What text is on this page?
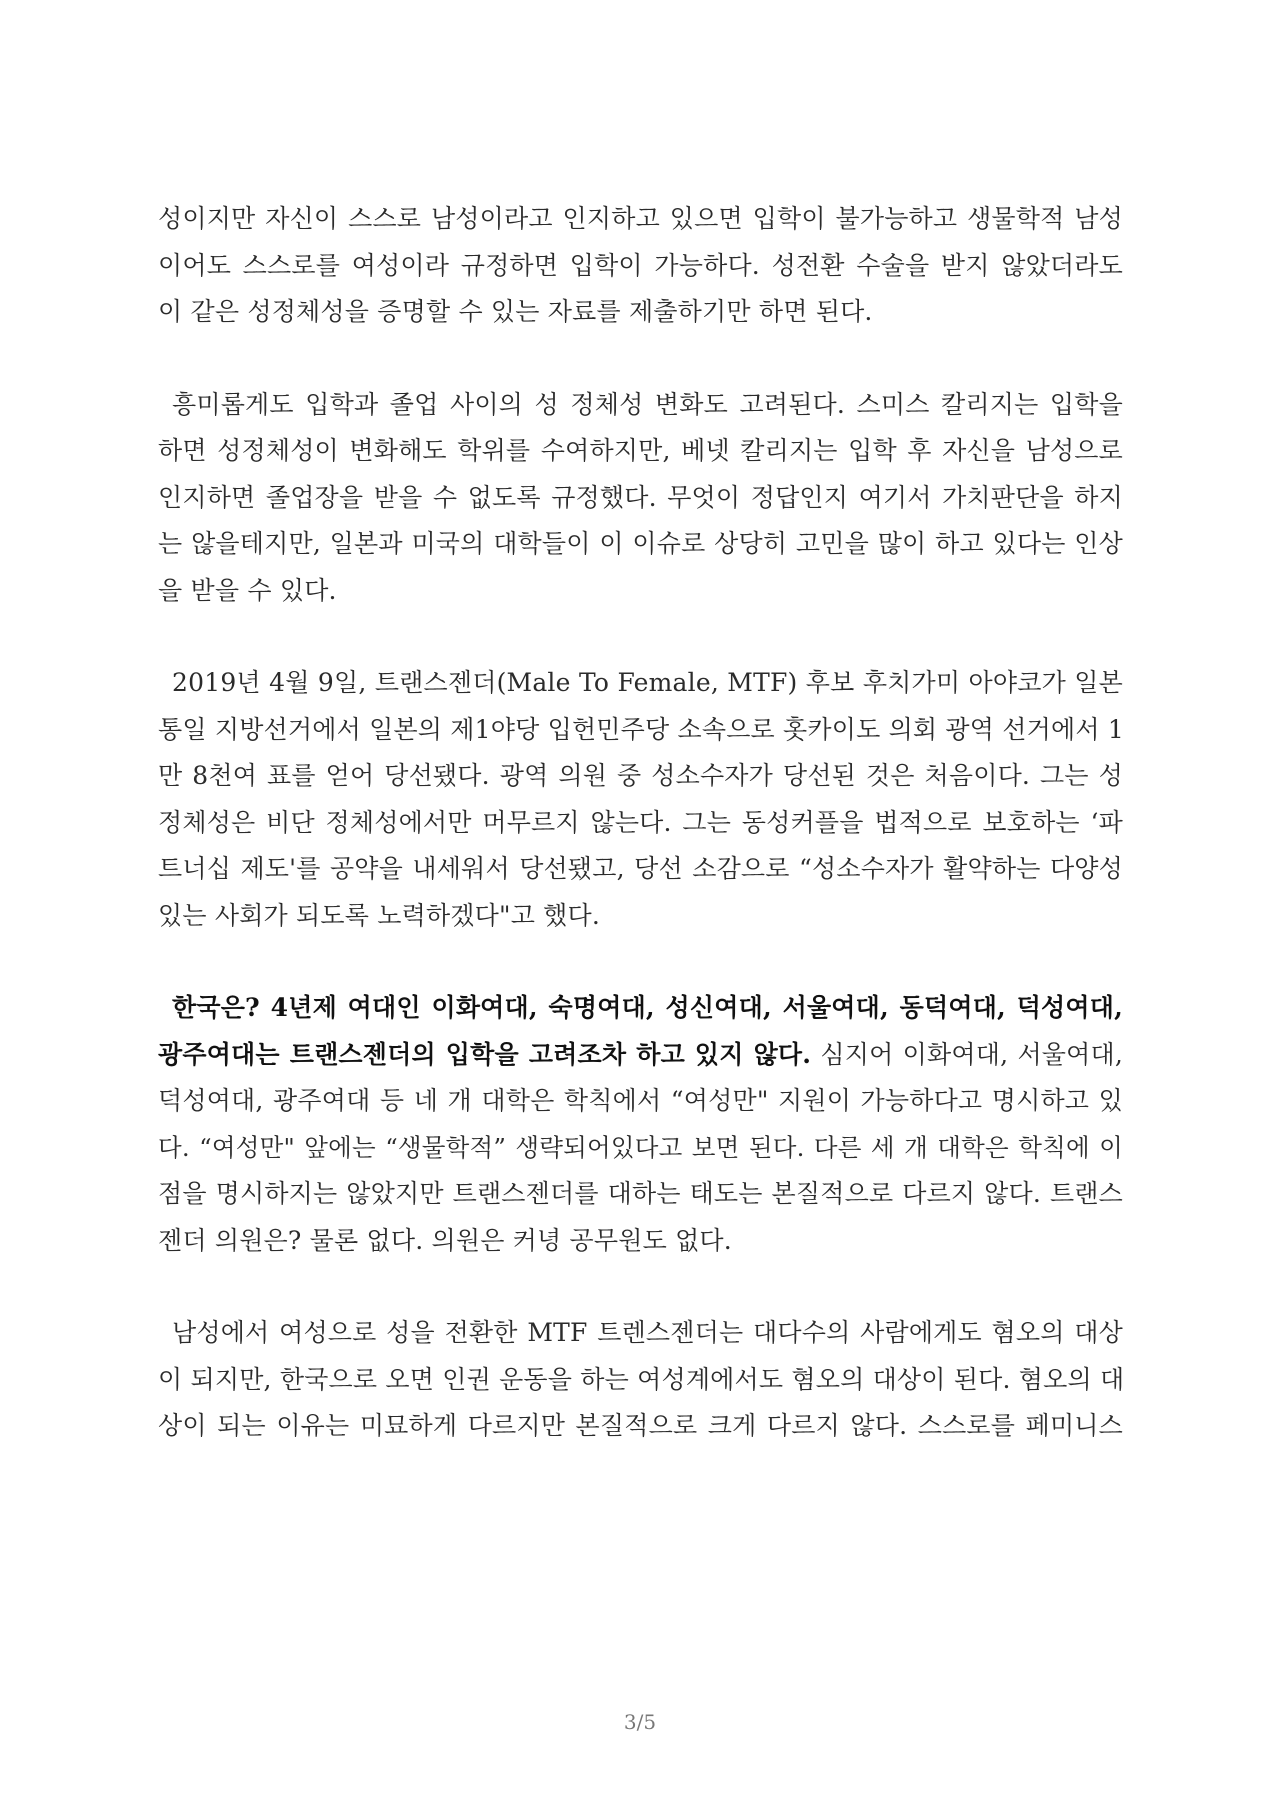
성이지만 자신이 스스로 남성이라고 인지하고 있으면 입학이 불가능하고 생물학적 남성
이어도 스스로를 여성이라 규정하면 입학이 가능하다. 성전환 수술을 받지 않았더라도
이 같은 성정체성을 증명할 수 있는 자료를 제출하기만 하면 된다.

흥미롭게도 입학과 졸업 사이의 성 정체성 변화도 고려된다. 스미스 칼리지는 입학을
하면 성정체성이 변화해도 학위를 수여하지만, 베넷 칼리지는 입학 후 자신을 남성으로
인지하면 졸업장을 받을 수 없도록 규정했다. 무엇이 정답인지 여기서 가치판단을 하지
는 않을테지만, 일본과 미국의 대학들이 이 이슈로 상당히 고민을 많이 하고 있다는 인상
을 받을 수 있다.

2019년 4월 9일, 트랜스젠더(Male To Female, MTF) 후보 후치가미 아야코가 일본
통일 지방선거에서 일본의 제1야당 입헌민주당 소속으로 홋카이도 의회 광역 선거에서 1
만 8천여 표를 얻어 당선됐다. 광역 의원 중 성소수자가 당선된 것은 처음이다. 그는 성
정체성은 비단 정체성에서만 머무르지 않는다. 그는 동성커플을 법적으로 보호하는 ‘파
트너십 제도'를 공약을 내세워서 당선됐고, 당선 소감으로 “성소수자가 활약하는 다양성
있는 사회가 되도록 노력하겠다"고 했다.

한국은? 4년제 여대인 이화여대, 숙명여대, 성신여대, 서울여대, 동덕여대, 덕성여대,
광주여대는 트랜스젠더의 입학을 고려조차 하고 있지 않다. 심지어 이화여대, 서울여대,
덕성여대, 광주여대 등 네 개 대학은 학칙에서 “여성만" 지원이 가능하다고 명시하고 있
다. “여성만" 앞에는 “생물학적” 생략되어있다고 보면 된다. 다른 세 개 대학은 학칙에 이
점을 명시하지는 않았지만 트랜스젠더를 대하는 태도는 본질적으로 다르지 않다. 트랜스
젠더 의원은? 물론 없다. 의원은 커녕 공무원도 없다.

남성에서 여성으로 성을 전환한 MTF 트렌스젠더는 대다수의 사람에게도 혐오의 대상
이 되지만, 한국으로 오면 인권 운동을 하는 여성계에서도 혐오의 대상이 된다. 혐오의 대
상이 되는 이유는 미묘하게 다르지만 본질적으로 크게 다르지 않다. 스스로를 페미니스

3/5
